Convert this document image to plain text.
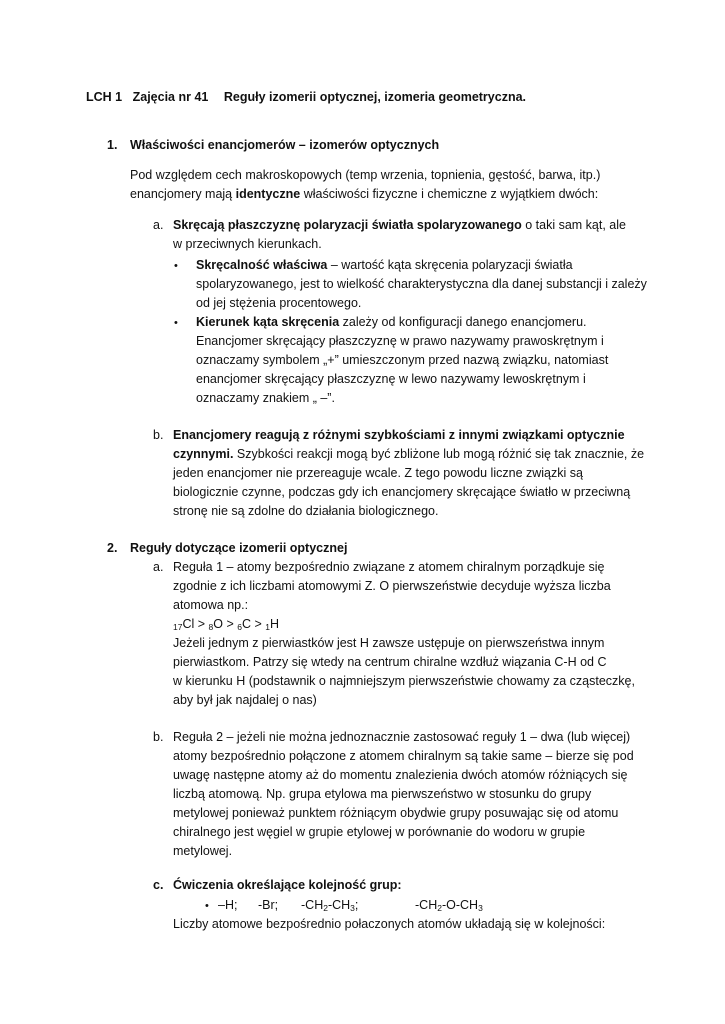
LCH 1 Zajęcia nr 41 Reguły izomerii optycznej, izomeria geometryczna.
1. Właściwości enancjomerów – izomerów optycznych
Pod względem cech makroskopowych (temp wrzenia, topnienia, gęstość, barwa, itp.)
enancjomery mają identyczne właściwości fizyczne i chemiczne z wyjątkiem dwóch:
a. Skręcają płaszczyznę polaryzacji światła spolaryzowanego o taki sam kąt, ale
w przeciwnych kierunkach.
• Skręcalność właściwa – wartość kąta skręcenia polaryzacji światła
spolaryzowanego, jest to wielkość charakterystyczna dla danej substancji i zależy
od jej stężenia procentowego.
• Kierunek kąta skręcenia zależy od konfiguracji danego enancjomeru.
Enancjomer skręcający płaszczyznę w prawo nazywamy prawoskrętnym i
oznaczamy symbolem „+” umieszczonym przed nazwą związku, natomiast
enancjomer skręcający płaszczyznę w lewo nazywamy lewoskrętnym i
oznaczamy znakiem „ –”.
b. Enancjomery reagują z różnymi szybkościami z innymi związkami optycznie
czynnymi. Szybkości reakcji mogą być zbliżone lub mogą różnić się tak znacznie, że
jeden enancjomer nie przereaguje wcale. Z tego powodu liczne związki są
biologicznie czynne, podczas gdy ich enancjomery skręcające światło w przeciwną
stronę nie są zdolne do działania biologicznego.
2. Reguły dotyczące izomerii optycznej
a. Reguła 1 – atomy bezpośrednio związane z atomem chiralnym porządkuje się
zgodnie z ich liczbami atomowymi Z. O pierwszeństwie decyduje wyższa liczba
atomowa np.:
$_{17}$Cl > $_8$O > $_6$C > $_1$H
Jeżeli jednym z pierwiastków jest H zawsze ustępuje on pierwszeństwa innym
pierwiastkom. Patrzy się wtedy na centrum chiralne wzdłuż wiązania C-H od C
w kierunku H (podstawnik o najmniejszym pierwszeństwie chowamy za cząsteczkę,
aby był jak najdalej o nas)
b. Reguła 2 – jeżeli nie można jednoznacznie zastosować reguły 1 – dwa (lub więcej)
atomy bezpośrednio połączone z atomem chiralnym są takie same – bierze się pod
uwagę następne atomy aż do momentu znalezienia dwóch atomów różniących się
liczbą atomową. Np. grupa etylowa ma pierwszeństwo w stosunku do grupy
metylowej ponieważ punktem różniącym obydwie grupy posuwając się od atomu
chiralnego jest węgiel w grupie etylowej w porównanie do wodoru w grupie
metylowej.
c. Ćwiczenia określające kolejność grup:
• –H; -Br; $-CH_2-CH_3$;	$-CH_2-O-CH_3$
Liczby atomowe bezpośrednio połaczonych atomów układają się w kolejności:
